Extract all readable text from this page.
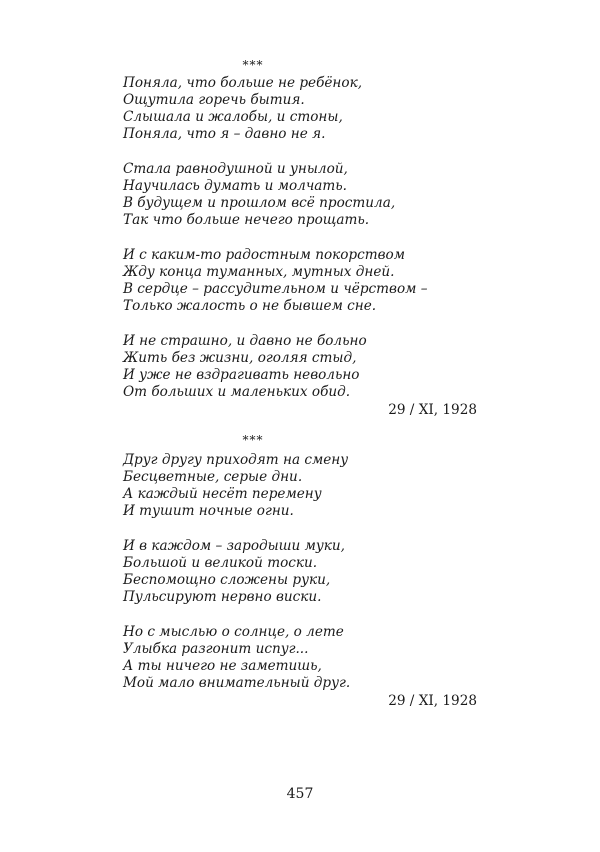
***
Поняла, что больше не ребёнок,
Ощутила горечь бытия.
Слышала и жалобы, и стоны,
Поняла, что я – давно не я.
Стала равнодушной и унылой,
Научилась думать и молчать.
В будущем и прошлом всё простила,
Так что больше нечего прощать.
И с каким-то радостным покорством
Жду конца туманных, мутных дней.
В сердце – рассудительном и чёрством –
Только жалость о не бывшем сне.
И не страшно, и давно не больно
Жить без жизни, оголяя стыд,
И уже не вздрагивать невольно
От больших и маленьких обид.
29 / XI, 1928
***
Друг другу приходят на смену
Бесцветные, серые дни.
А каждый несёт перемену
И тушит ночные огни.
И в каждом – зародыши муки,
Большой и великой тоски.
Беспомощно сложены руки,
Пульсируют нервно виски.
Но с мыслью о солнце, о лете
Улыбка разгонит испуг...
А ты ничего не заметишь,
Мой мало внимательный друг.
29 / XI, 1928
457
